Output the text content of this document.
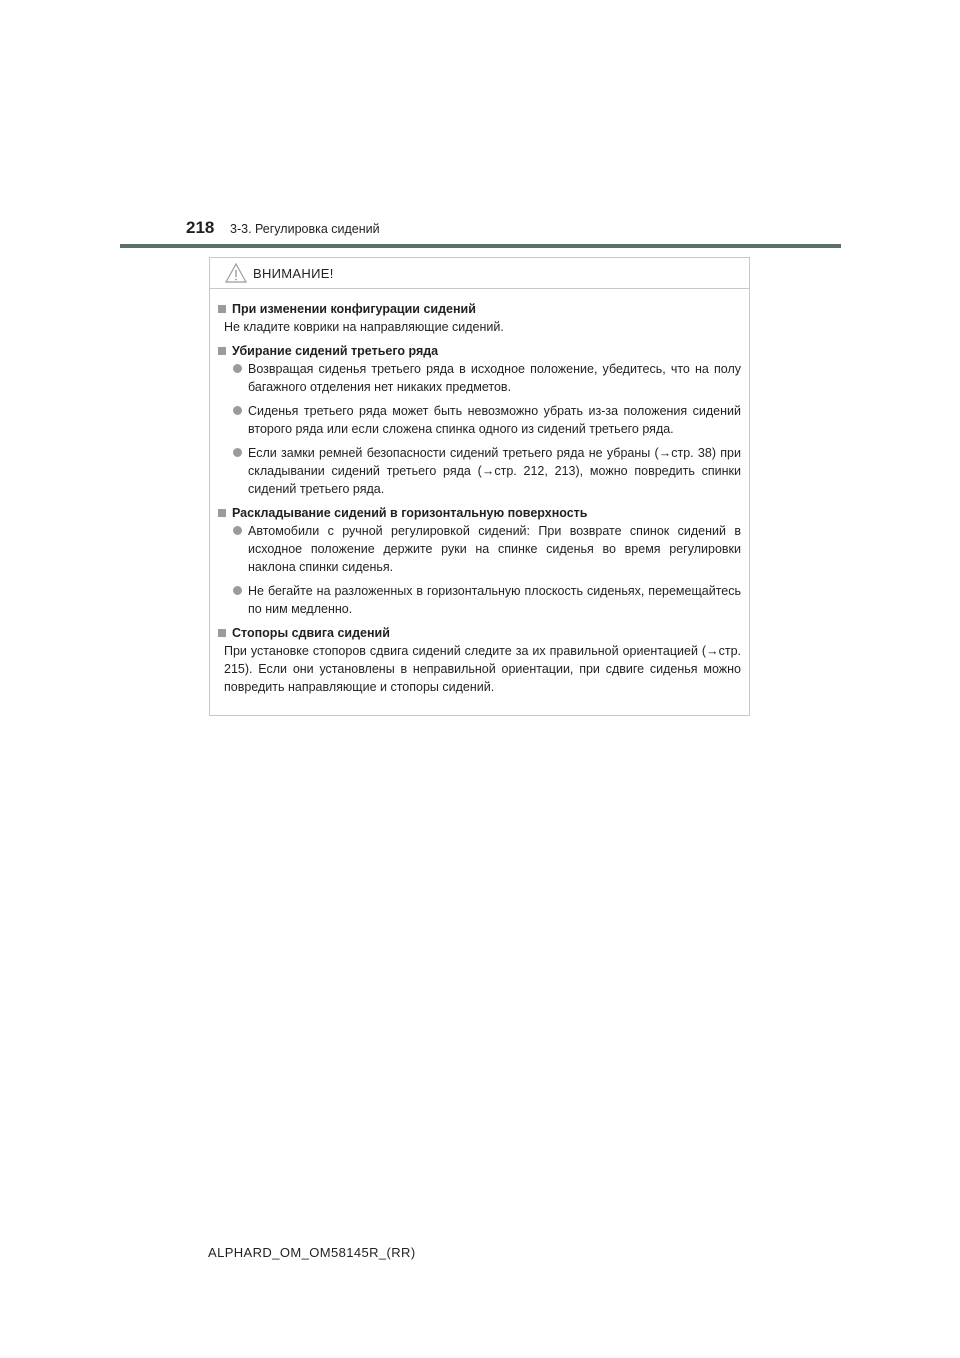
218 3-3. Регулировка сидений
ВНИМАНИЕ!
При изменении конфигурации сидений
Не кладите коврики на направляющие сидений.
Убирание сидений третьего ряда
Возвращая сиденья третьего ряда в исходное положение, убедитесь, что на полу багажного отделения нет никаких предметов.
Сиденья третьего ряда может быть невозможно убрать из-за положения сидений второго ряда или если сложена спинка одного из сидений третьего ряда.
Если замки ремней безопасности сидений третьего ряда не убраны (→стр. 38) при складывании сидений третьего ряда (→стр. 212, 213), можно повредить спинки сидений третьего ряда.
Раскладывание сидений в горизонтальную поверхность
Автомобили с ручной регулировкой сидений: При возврате спинок сидений в исходное положение держите руки на спинке сиденья во время регулировки наклона спинки сиденья.
Не бегайте на разложенных в горизонтальную плоскость сиденьях, перемещайтесь по ним медленно.
Стопоры сдвига сидений
При установке стопоров сдвига сидений следите за их правильной ориентацией (→стр. 215). Если они установлены в неправильной ориентации, при сдвиге сиденья можно повредить направляющие и стопоры сидений.
ALPHARD_OM_OM58145R_(RR)
